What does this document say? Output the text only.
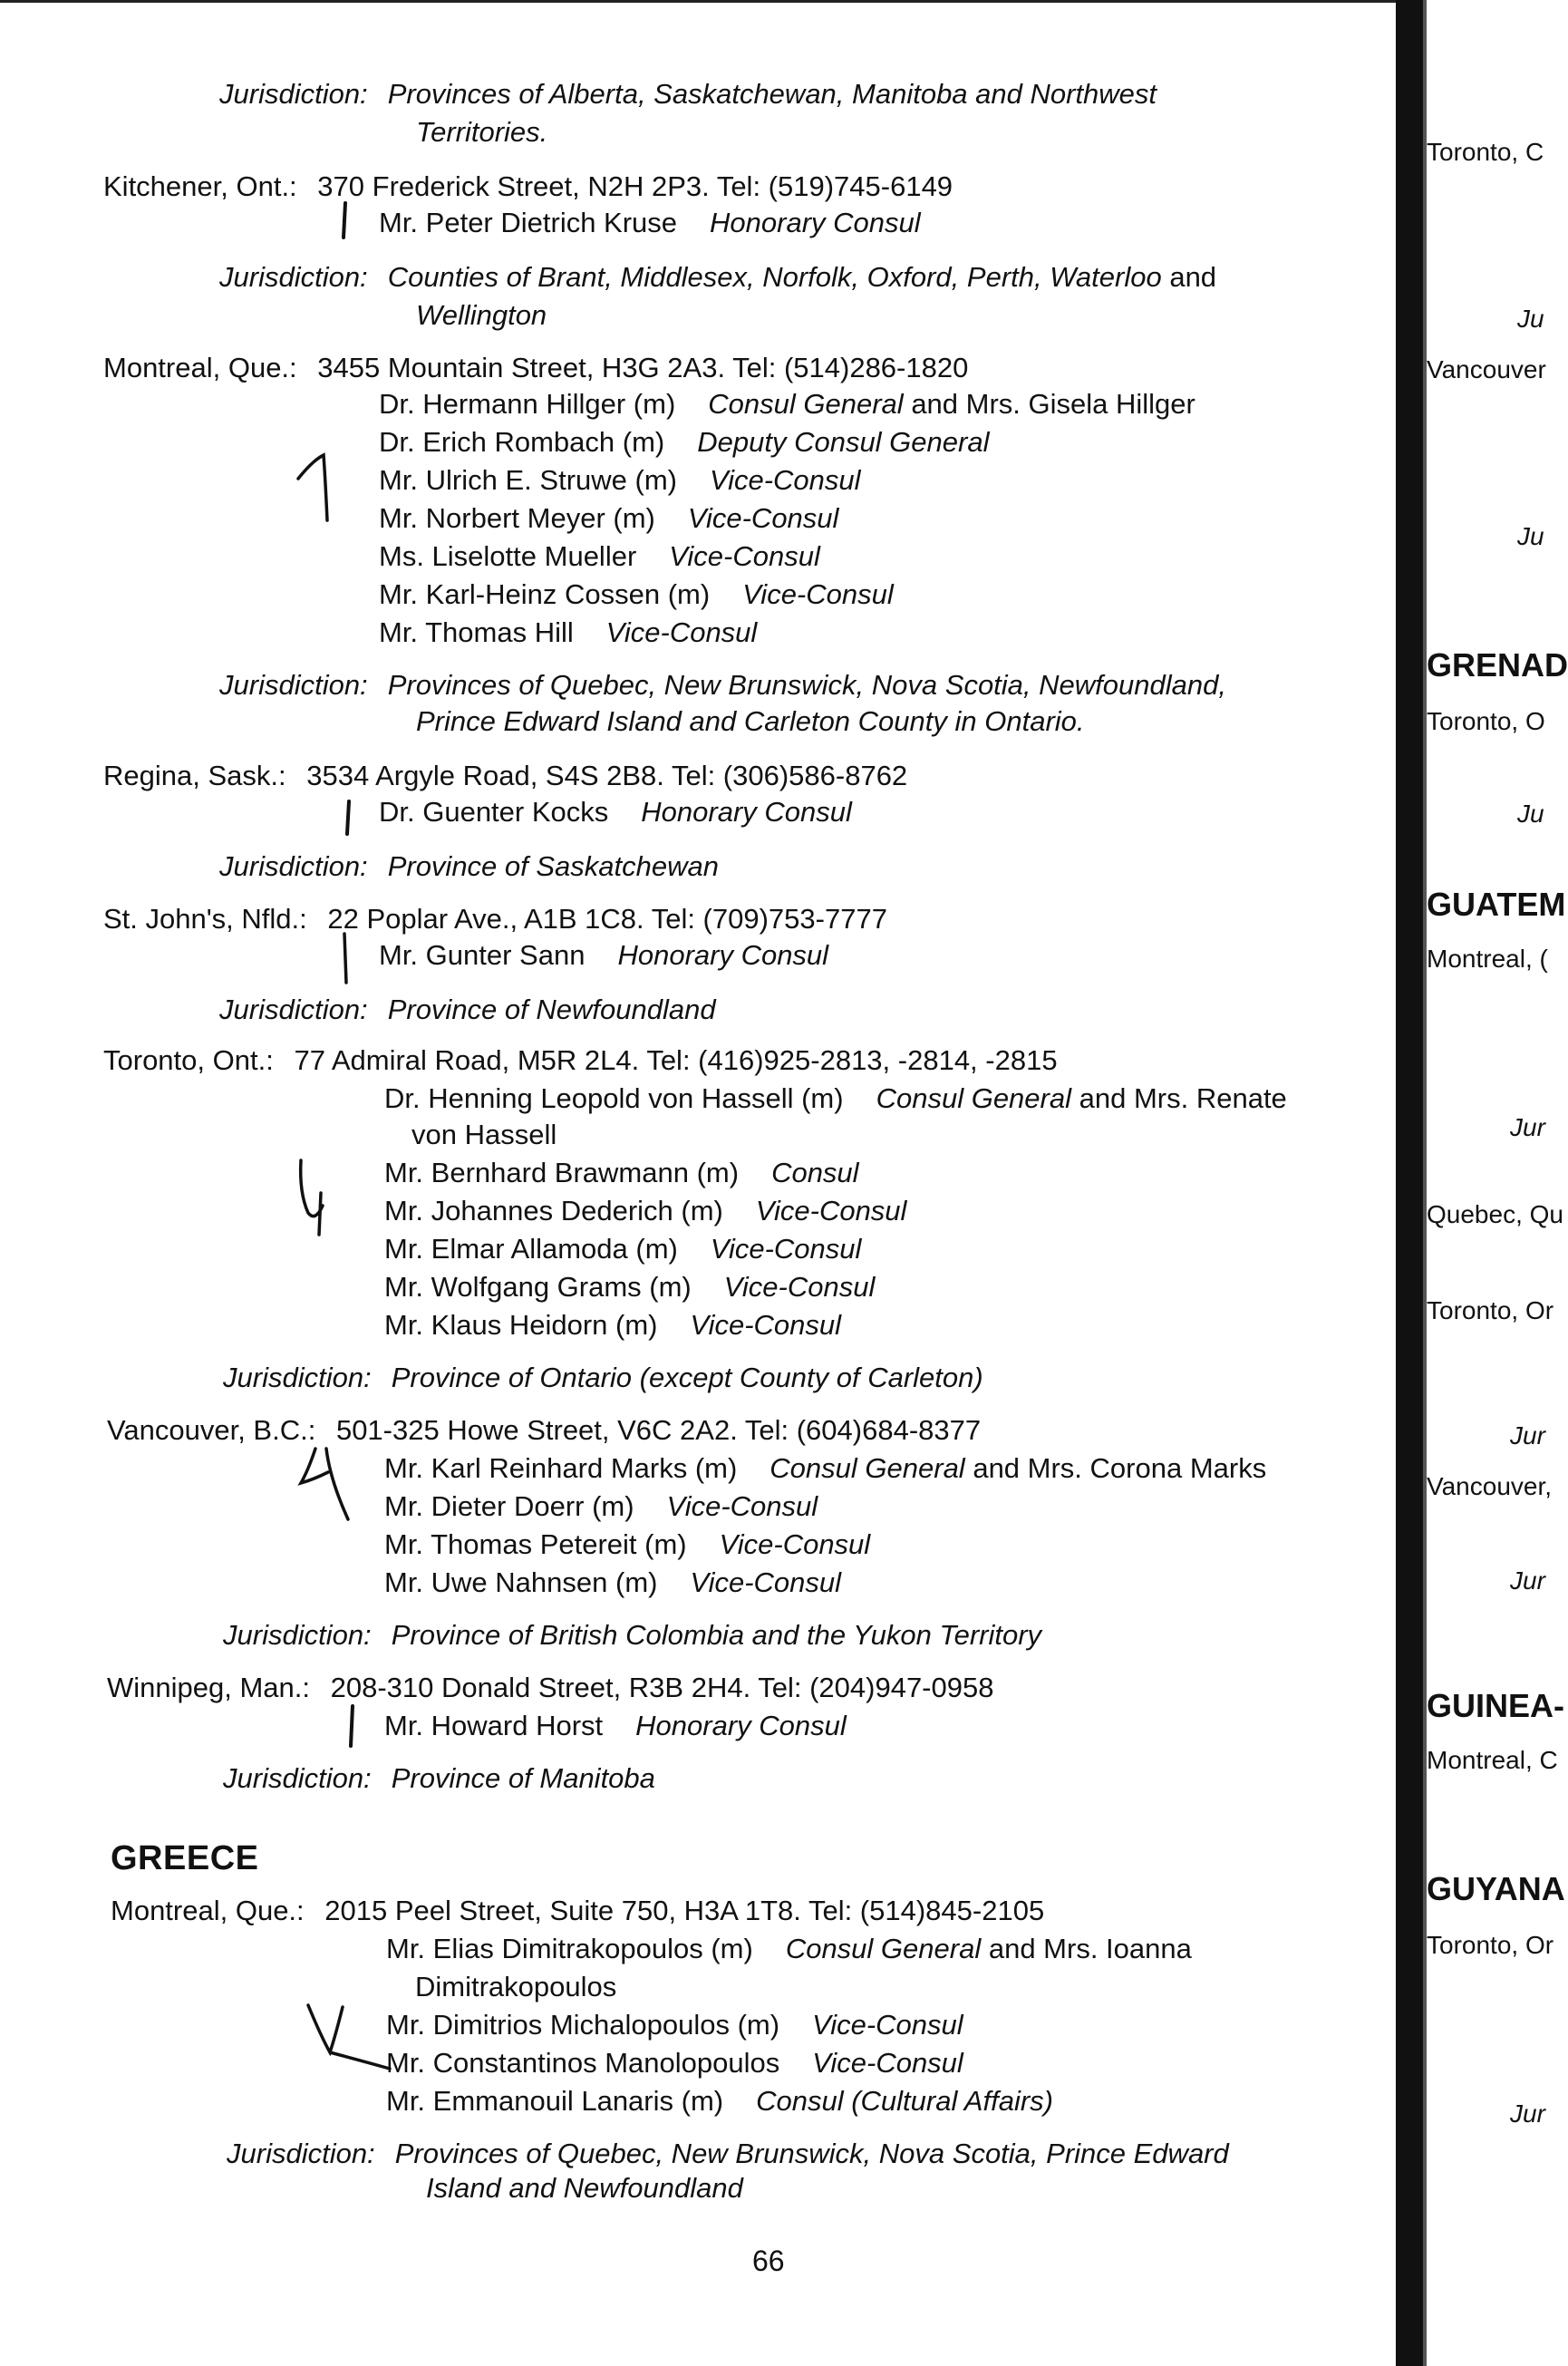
Jurisdiction: Provinces of Alberta, Saskatchewan, Manitoba and Northwest
Territories.
Kitchener, Ont.: 370 Frederick Street, N2H 2P3. Tel: (519)745-6149
Mr. Peter Dietrich Kruse Honorary Consul
Jurisdiction: Counties of Brant, Middlesex, Norfolk, Oxford, Perth, Waterloo and
Wellington
Montreal, Que.: 3455 Mountain Street, H3G 2A3. Tel: (514)286-1820
Dr. Hermann Hillger (m) Consul General and Mrs. Gisela Hillger
Dr. Erich Rombach (m) Deputy Consul General
Mr. Ulrich E. Struwe (m) Vice-Consul
Mr. Norbert Meyer (m) Vice-Consul
Ms. Liselotte Mueller Vice-Consul
Mr. Karl-Heinz Cossen (m) Vice-Consul
Mr. Thomas Hill Vice-Consul
Jurisdiction: Provinces of Quebec, New Brunswick, Nova Scotia, Newfoundland,
Prince Edward Island and Carleton County in Ontario.
Regina, Sask.: 3534 Argyle Road, S4S 2B8. Tel: (306)586-8762
Dr. Guenter Kocks Honorary Consul
Jurisdiction: Province of Saskatchewan
St. John's, Nfld.: 22 Poplar Ave., A1B 1C8. Tel: (709)753-7777
Mr. Gunter Sann Honorary Consul
Jurisdiction: Province of Newfoundland
Toronto, Ont.: 77 Admiral Road, M5R 2L4. Tel: (416)925-2813, -2814, -2815
Dr. Henning Leopold von Hassell (m) Consul General and Mrs. Renate
von Hassell
Mr. Bernhard Brawmann (m) Consul
Mr. Johannes Dederich (m) Vice-Consul
Mr. Elmar Allamoda (m) Vice-Consul
Mr. Wolfgang Grams (m) Vice-Consul
Mr. Klaus Heidorn (m) Vice-Consul
Jurisdiction: Province of Ontario (except County of Carleton)
Vancouver, B.C.: 501-325 Howe Street, V6C 2A2. Tel: (604)684-8377
Mr. Karl Reinhard Marks (m) Consul General and Mrs. Corona Marks
Mr. Dieter Doerr (m) Vice-Consul
Mr. Thomas Petereit (m) Vice-Consul
Mr. Uwe Nahnsen (m) Vice-Consul
Jurisdiction: Province of British Colombia and the Yukon Territory
Winnipeg, Man.: 208-310 Donald Street, R3B 2H4. Tel: (204)947-0958
Mr. Howard Horst Honorary Consul
Jurisdiction: Province of Manitoba
GREECE
Montreal, Que.: 2015 Peel Street, Suite 750, H3A 1T8. Tel: (514)845-2105
Mr. Elias Dimitrakopoulos (m) Consul General and Mrs. Ioanna
Dimitrakopoulos
Mr. Dimitrios Michalopoulos (m) Vice-Consul
Mr. Constantinos Manolopoulos Vice-Consul
Mr. Emmanouil Lanaris (m) Consul (Cultural Affairs)
Jurisdiction: Provinces of Quebec, New Brunswick, Nova Scotia, Prince Edward
Island and Newfoundland
66
Toronto, C
Ju
Vancouver
Ju
GRENAD
Toronto, O
Ju
GUATEM
Montreal, (
Jur
Quebec, Qu
Toronto, Or
Jur
Vancouver,
Jur
GUINEA-
Montreal, C
GUYANA
Toronto, Or
Jur
